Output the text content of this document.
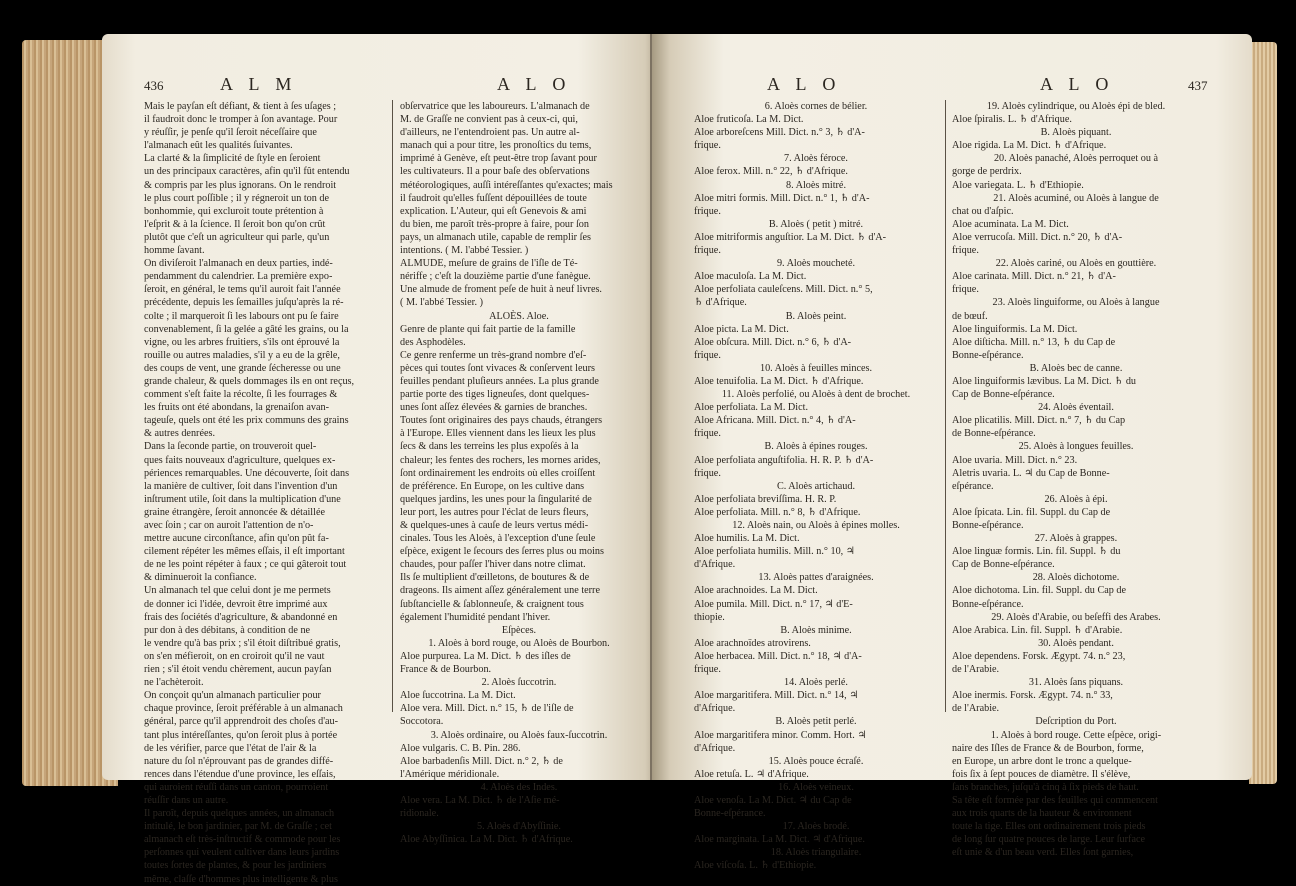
436	A L M	A L O

Mais le payſan eſt défiant, & tient à ſes uſages ;

il faudroit donc le tromper à ſon avantage. Pour

y réuſſir, je penſe qu'il ſeroit néceſſaire que

l'almanach eût les qualités ſuivantes.

La clarté & la ſimplicité de ſtyle en ſeroient

un des principaux caractères, afin qu'il fût entendu

& compris par les plus ignorans. On le rendroit

le plus court poſſible ; il y régneroit un ton de

bonhommie, qui excluroit toute prétention à

l'eſprit & à la ſcience. Il ſeroit bon qu'on crût

plutôt que c'eſt un agriculteur qui parle, qu'un

homme ſavant.

On diviſeroit l'almanach en deux parties, indé-

pendamment du calendrier. La première expo-

ſeroit, en général, le tems qu'il auroit fait l'année

précédente, depuis les ſemailles juſqu'après la ré-

colte ; il marqueroit ſi les labours ont pu ſe faire

convenablement, ſi la gelée a gâté les grains, ou la

vigne, ou les arbres fruitiers, s'ils ont éprouvé la

rouille ou autres maladies, s'il y a eu de la grêle,

des coups de vent, une grande ſécheresse ou une

grande chaleur, & quels dommages ils en ont reçus,

comment s'eſt faite la récolte, ſi les fourrages &

les fruits ont été abondans, la grenaiſon avan-

tageuſe, quels ont été les prix communs des grains

& autres denrées.

Dans la ſeconde partie, on trouveroit quel-

ques faits nouveaux d'agriculture, quelques ex-

périences remarquables. Une découverte, ſoit dans

la manière de cultiver, ſoit dans l'invention d'un

inſtrument utile, ſoit dans la multiplication d'une

graine étrangère, ſeroit annoncée & détaillée

avec ſoin ; car on auroit l'attention de n'o-

mettre aucune circonſtance, afin qu'on pût fa-

cilement répéter les mêmes eſſais, il eſt important

de ne les point répéter à faux ; ce qui gâteroit tout

& diminueroit la confiance.

Un almanach tel que celui dont je me permets

de donner ici l'idée, devroit être imprimé aux

frais des ſociétés d'agriculture, & abandonné en

pur don à des débitans, à condition de ne

le vendre qu'à bas prix ; s'il étoit diſtribué gratis,

on s'en méfieroit, on en croiroit qu'il ne vaut

rien ; s'il étoit vendu chèrement, aucun payſan

ne l'achèteroit.

On conçoit qu'un almanach particulier pour

chaque province, ſeroit préférable à un almanach

général, parce qu'il apprendroit des choſes d'au-

tant plus intéreſſantes, qu'on ſeroit plus à portée

de les vérifier, parce que l'état de l'air & la

nature du ſol n'éprouvant pas de grandes diffé-

rences dans l'étendue d'une province, les eſſais,

qui auroient réuſſi dans un canton, pourroient

réuſſir dans un autre.

Il paroît, depuis quelques années, un almanach

intitulé, le bon jardinier, par M. de Graſſe ; cet

almanach eſt très-inſtructif & commode pour les

perſonnes qui veulent cultiver dans leurs jardins

toutes ſortes de plantes, & pour les jardiniers

même, claſſe d'hommes plus intelligente & plus

obſervatrice que les laboureurs. L'almanach de

M. de Graſſe ne convient pas à ceux-ci, qui,

d'ailleurs, ne l'entendroient pas. Un autre al-

manach qui a pour titre, les pronoſtics du tems,

imprimé à Genève, eſt peut-être trop ſavant pour

les cultivateurs. Il a pour baſe des obſervations

météorologiques, auſſi intéreſſantes qu'exactes; mais

il faudroit qu'elles fuſſent dépouillées de toute

explication. L'Auteur, qui eſt Genevois & ami

du bien, me paroît très-propre à faire, pour ſon

pays, un almanach utile, capable de remplir ſes

intentions. ( M. l'abbé Tessier. )

ALMUDE, meſure de grains de l'iſle de Té-

nériffe ; c'eſt la douzième partie d'une fanègue.

Une almude de froment peſe de huit à neuf livres.

( M. l'abbé Tessier. )

ALOÈS. Aloe.

Genre de plante qui fait partie de la famille

des Asphodèles.

Ce genre renferme un très-grand nombre d'eſ-

pèces qui toutes ſont vivaces & conſervent leurs

feuilles pendant pluſieurs années. La plus grande

partie porte des tiges ligneuſes, dont quelques-

unes ſont aſſez élevées & garnies de branches.

Toutes ſont originaires des pays chauds, étrangers

à l'Europe. Elles viennent dans les lieux les plus

ſecs & dans les terreins les plus expoſés à la

chaleur; les fentes des rochers, les mornes arides,

ſont ordinairement les endroits où elles croiſſent

de préférence. En Europe, on les cultive dans

quelques jardins, les unes pour la ſingularité de

leur port, les autres pour l'éclat de leurs fleurs,

& quelques-unes à cauſe de leurs vertus médi-

cinales. Tous les Aloès, à l'exception d'une ſeule

eſpèce, exigent le ſecours des ſerres plus ou moins

chaudes, pour paſſer l'hiver dans notre climat.

Ils ſe multiplient d'œilletons, de boutures & de

drageons. Ils aiment aſſez généralement une terre

ſubſtancielle & ſablonneuſe, & craignent tous

également l'humidité pendant l'hiver.

Eſpèces.

1. Aloès à bord rouge, ou Aloès de Bourbon.

Aloe purpurea. La M. Dict. ♄ des iſles de

France & de Bourbon.

2. Aloès ſuccotrin.

Aloe ſuccotrina. La M. Dict.

Aloe vera. Mill. Dict. n.° 15, ♄ de l'iſle de

Soccotora.

3. Aloès ordinaire, ou Aloès faux-ſuccotrin.

Aloe vulgaris. C. B. Pin. 286.

Aloe barbadenſis Mill. Dict. n.° 2, ♄ de

l'Amérique méridionale.

4. Aloès des Indes.

Aloe vera. La M. Dict. ♄ de l'Aſie mé-

ridionale.

5. Aloès d'Abyſſinie.

Aloe Abyſſinica. La M. Dict. ♄ d'Afrique.

A L O	A L O	437

6. Aloès cornes de bélier.

Aloe fruticoſa. La M. Dict.

Aloe arboreſcens Mill. Dict. n.° 3, ♄ d'A-

frique.

7. Aloès féroce.

Aloe ferox. Mill. n.° 22, ♄ d'Afrique.

8. Aloès mitré.

Aloe mitri formis. Mill. Dict. n.° 1, ♄ d'A-

frique.

B. Aloès ( petit ) mitré.

Aloe mitriformis anguſtior. La M. Dict. ♄ d'A-

frique.

9. Aloès moucheté.

Aloe maculoſa. La M. Dict.

Aloe perfoliata cauleſcens. Mill. Dict. n.° 5,

♄ d'Afrique.

B. Aloès peint.

Aloe picta. La M. Dict.

Aloe obſcura. Mill. Dict. n.° 6, ♄ d'A-

frique.

10. Aloès à feuilles minces.

Aloe tenuifolia. La M. Dict. ♄ d'Afrique.

11. Aloès perfolié, ou Aloès à dent de brochet.

Aloe perfoliata. La M. Dict.

Aloe Africana. Mill. Dict. n.° 4, ♄ d'A-

frique.

B. Aloès à épines rouges.

Aloe perfoliata anguſtifolia. H. R. P. ♄ d'A-

frique.

C. Aloès artichaud.

Aloe perfoliata breviſſima. H. R. P.

Aloe perfoliata. Mill. n.° 8, ♄ d'Afrique.

12. Aloès nain, ou Aloès à épines molles.

Aloe humilis. La M. Dict.

Aloe perfoliata humilis. Mill. n.° 10, ♃

d'Afrique.

13. Aloès pattes d'araignées.

Aloe arachnoides. La M. Dict.

Aloe pumila. Mill. Dict. n.° 17, ♃ d'E-

thiopie.

B. Aloès minime.

Aloe arachnoïdes atrovirens.

Aloe herbacea. Mill. Dict. n.° 18, ♃ d'A-

frique.

14. Aloès perlé.

Aloe margaritifera. Mill. Dict. n.° 14, ♃

d'Afrique.

B. Aloès petit perlé.

Aloe margaritifera minor. Comm. Hort. ♃

d'Afrique.

15. Aloès pouce écraſé.

Aloe retuſa. L. ♃ d'Afrique.

16. Aloès veineux.

Aloe venoſa. La M. Dict. ♃ du Cap de

Bonne-eſpérance.

17. Aloès brodé.

Aloe marginata. La M. Dict. ♃ d'Afrique.

18. Aloès triangulaire.

Aloe viſcoſa. L. ♄ d'Ethiopie.

19. Aloès cylindrique, ou Aloès épi de bled.

Aloe ſpiralis. L. ♄ d'Afrique.

B. Aloès piquant.

Aloe rigida. La M. Dict. ♄ d'Afrique.

20. Aloès panaché, Aloès perroquet ou à

gorge de perdrix.

Aloe variegata. L. ♄ d'Ethiopie.

21. Aloès acuminé, ou Aloès à langue de

chat ou d'aſpic.

Aloe acuminata. La M. Dict.

Aloe verrucoſa. Mill. Dict. n.° 20, ♄ d'A-

frique.

22. Aloès cariné, ou Aloès en gouttière.

Aloe carinata. Mill. Dict. n.° 21, ♄ d'A-

frique.

23. Aloès linguiforme, ou Aloès à langue

de bœuf.

Aloe linguiformis. La M. Dict.

Aloe diſticha. Mill. n.° 13, ♄ du Cap de

Bonne-eſpérance.

B. Aloès bec de canne.

Aloe linguiformis lævibus. La M. Dict. ♄ du

Cap de Bonne-eſpérance.

24. Aloès éventail.

Aloe plicatilis. Mill. Dict. n.° 7, ♄ du Cap

de Bonne-eſpérance.

25. Aloès à longues feuilles.

Aloe uvaria. Mill. Dict. n.° 23.

Aletris uvaria. L. ♃ du Cap de Bonne-

eſpérance.

26. Aloès à épi.

Aloe ſpicata. Lin. fil. Suppl. du Cap de

Bonne-eſpérance.

27. Aloès à grappes.

Aloe linguæ formis. Lin. fil. Suppl. ♄ du

Cap de Bonne-eſpérance.

28. Aloès dichotome.

Aloe dichotoma. Lin. fil. Suppl. du Cap de

Bonne-eſpérance.

29. Aloès d'Arabie, ou beſeffi des Arabes.

Aloe Arabica. Lin. fil. Suppl. ♄ d'Arabie.

30. Aloès pendant.

Aloe dependens. Forsk. Ægypt. 74. n.° 23,

de l'Arabie.

31. Aloès ſans piquans.

Aloe inermis. Forsk. Ægypt. 74. n.° 33,

de l'Arabie.

Deſcription du Port.

1. Aloès à bord rouge. Cette eſpèce, origi-

naire des Iſles de France & de Bourbon, forme,

en Europe, un arbre dont le tronc a quelque-

fois ſix à ſept pouces de diamètre. Il s'élève,

ſans branches, juſqu'à cinq à ſix pieds de haut.

Sa tête eſt formée par des feuilles qui commencent

aux trois quarts de la hauteur & environnent

toute la tige. Elles ont ordinairement trois pieds

de long ſur quatre pouces de large. Leur ſurface

eſt unie & d'un beau verd. Elles ſont garnies,
